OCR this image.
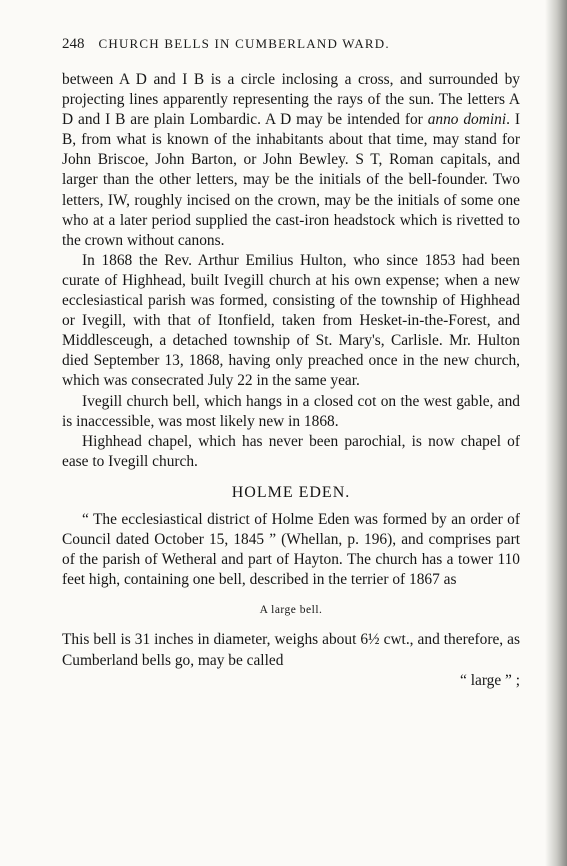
248 CHURCH BELLS IN CUMBERLAND WARD.

between A D and I B is a circle inclosing a cross, and surrounded by projecting lines apparently representing the rays of the sun. The letters A D and I B are plain Lombardic. A D may be intended for anno domini. I B, from what is known of the inhabitants about that time, may stand for John Briscoe, John Barton, or John Bewley. S T, Roman capitals, and larger than the other letters, may be the initials of the bell-founder. Two letters, IW, roughly incised on the crown, may be the initials of some one who at a later period supplied the cast-iron headstock which is rivetted to the crown without canons.

In 1868 the Rev. Arthur Emilius Hulton, who since 1853 had been curate of Highhead, built Ivegill church at his own expense; when a new ecclesiastical parish was formed, consisting of the township of Highhead or Ivegill, with that of Itonfield, taken from Hesket-in-the-Forest, and Middlesceugh, a detached township of St. Mary's, Carlisle. Mr. Hulton died September 13, 1868, having only preached once in the new church, which was consecrated July 22 in the same year.

Ivegill church bell, which hangs in a closed cot on the west gable, and is inaccessible, was most likely new in 1868.

Highhead chapel, which has never been parochial, is now chapel of ease to Ivegill church.

HOLME EDEN.

“ The ecclesiastical district of Holme Eden was formed by an order of Council dated October 15, 1845 ” (Whellan, p. 196), and comprises part of the parish of Wetheral and part of Hayton. The church has a tower 110 feet high, containing one bell, described in the terrier of 1867 as

A large bell.

This bell is 31 inches in diameter, weighs about 6½ cwt., and therefore, as Cumberland bells go, may be called

“ large ” ;
